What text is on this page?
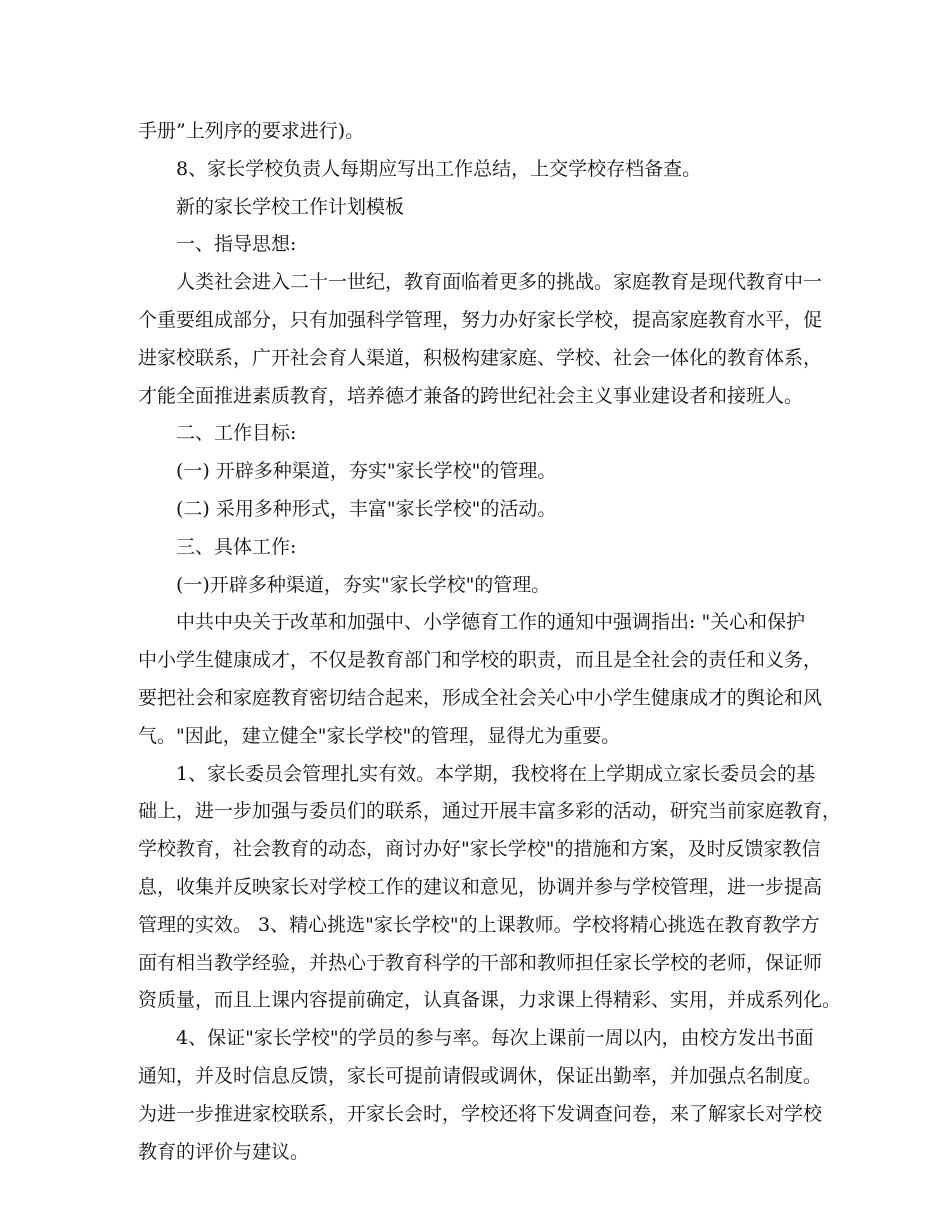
手册”上列序的要求进行)。
8、家长学校负责人每期应写出工作总结，上交学校存档备查。
新的家长学校工作计划模板
一、指导思想:
人类社会进入二十一世纪，教育面临着更多的挑战。家庭教育是现代教育中一
个重要组成部分，只有加强科学管理，努力办好家长学校，提高家庭教育水平，促
进家校联系，广开社会育人渠道，积极构建家庭、学校、社会一体化的教育体系，
才能全面推进素质教育，培养德才兼备的跨世纪社会主义事业建设者和接班人。
二、工作目标:
(一) 开辟多种渠道，夯实"家长学校"的管理。
(二) 采用多种形式，丰富"家长学校"的活动。
三、具体工作:
(一)开辟多种渠道，夯实"家长学校"的管理。
中共中央关于改革和加强中、小学德育工作的通知中强调指出: "关心和保护
中小学生健康成才，不仅是教育部门和学校的职责，而且是全社会的责任和义务，
要把社会和家庭教育密切结合起来，形成全社会关心中小学生健康成才的舆论和风
气。"因此，建立健全"家长学校"的管理，显得尤为重要。
1、家长委员会管理扎实有效。本学期，我校将在上学期成立家长委员会的基
础上，进一步加强与委员们的联系，通过开展丰富多彩的活动，研究当前家庭教育，
学校教育，社会教育的动态，商讨办好"家长学校"的措施和方案，及时反馈家教信
息，收集并反映家长对学校工作的建议和意见，协调并参与学校管理，进一步提高
管理的实效。 3、精心挑选"家长学校"的上课教师。学校将精心挑选在教育教学方
面有相当教学经验，并热心于教育科学的干部和教师担任家长学校的老师，保证师
资质量，而且上课内容提前确定，认真备课，力求课上得精彩、实用，并成系列化。
4、保证"家长学校"的学员的参与率。每次上课前一周以内，由校方发出书面
通知，并及时信息反馈，家长可提前请假或调休，保证出勤率，并加强点名制度。
为进一步推进家校联系，开家长会时，学校还将下发调查问卷，来了解家长对学校
教育的评价与建议。
